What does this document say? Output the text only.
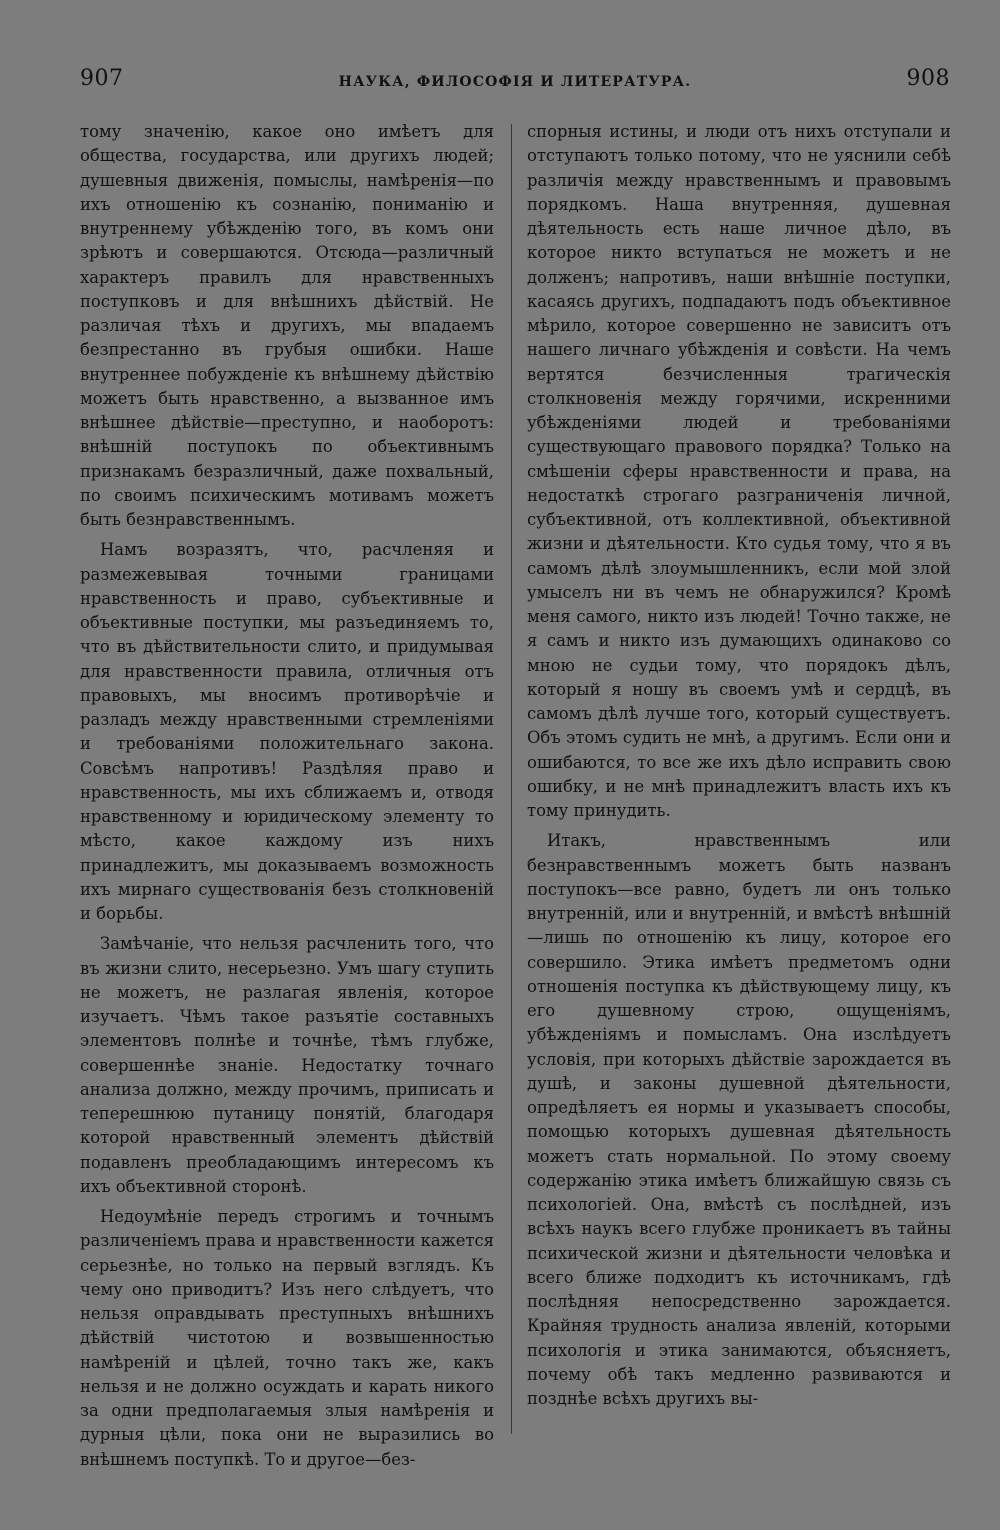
907	НАУКА, ФИЛОСОФІЯ И ЛИТЕРАТУРА.	908

тому значенію, какое оно имѣетъ для общества, государства, или другихъ людей; душевныя движенія, помыслы, намѣренія—по ихъ отношенію къ сознанію, пониманію и внутреннему убѣжденію того, въ комъ они зрѣютъ и совершаются. Отсюда—различный характеръ правилъ для нравственныхъ поступковъ и для внѣшнихъ дѣйствій. Не различая тѣхъ и другихъ, мы впадаемъ безпрестанно въ грубыя ошибки. Наше внутреннее побужденіе къ внѣшнему дѣйствію можетъ быть нравственно, а вызванное имъ внѣшнее дѣйствіе—преступно, и наоборотъ: внѣшній поступокъ по объективнымъ признакамъ безразличный, даже похвальный, по своимъ психическимъ мотивамъ можетъ быть безнравственнымъ.

Намъ возразятъ, что, расчленяя и размежевывая точными границами нравственность и право, субъективные и объективные поступки, мы разъединяемъ то, что въ дѣйствительности слито, и придумывая для нравственности правила, отличныя отъ правовыхъ, мы вносимъ противорѣчіе и разладъ между нравственными стремленіями и требованіями положительнаго закона. Совсѣмъ напротивъ! Раздѣляя право и нравственность, мы ихъ сближаемъ и, отводя нравственному и юридическому элементу то мѣсто, какое каждому изъ нихъ принадлежитъ, мы доказываемъ возможность ихъ мирнаго существованія безъ столкновеній и борьбы.

Замѣчаніе, что нельзя расчленить того, что въ жизни слито, несерьезно. Умъ шагу ступить не можетъ, не разлагая явленія, которое изучаетъ. Чѣмъ такое разъятіе составныхъ элементовъ полнѣе и точнѣе, тѣмъ глубже, совершеннѣе знаніе. Недостатку точнаго анализа должно, между прочимъ, приписать и теперешнюю путаницу понятій, благодаря которой нравственный элементъ дѣйствій подавленъ преобладающимъ интересомъ къ ихъ объективной сторонѣ.

Недоумѣніе передъ строгимъ и точнымъ различеніемъ права и нравственности кажется серьезнѣе, но только на первый взглядъ. Къ чему оно приводитъ? Изъ него слѣдуетъ, что нельзя оправдывать преступныхъ внѣшнихъ дѣйствій чистотою и возвышенностью намѣреній и цѣлей, точно такъ же, какъ нельзя и не должно осуждать и карать никого за одни предполагаемыя злыя намѣренія и дурныя цѣли, пока они не выразились во внѣшнемъ поступкѣ. То и другое—без-

спорныя истины, и люди отъ нихъ отступали и отступаютъ только потому, что не уяснили себѣ различія между нравственнымъ и правовымъ порядкомъ. Наша внутренняя, душевная дѣятельность есть наше личное дѣло, въ которое никто вступаться не можетъ и не долженъ; напротивъ, наши внѣшніе поступки, касаясь другихъ, подпадаютъ подъ объективное мѣрило, которое совершенно не зависитъ отъ нашего личнаго убѣжденія и совѣсти. На чемъ вертятся безчисленныя трагическія столкновенія между горячими, искренними убѣжденіями людей и требованіями существующаго правового порядка? Только на смѣшеніи сферы нравственности и права, на недостаткѣ строгаго разграниченія личной, субъективной, отъ коллективной, объективной жизни и дѣятельности. Кто судья тому, что я въ самомъ дѣлѣ злоумышленникъ, если мой злой умыселъ ни въ чемъ не обнаружился? Кромѣ меня самого, никто изъ людей! Точно также, не я самъ и никто изъ думающихъ одинаково со мною не судьи тому, что порядокъ дѣлъ, который я ношу въ своемъ умѣ и сердцѣ, въ самомъ дѣлѣ лучше того, который существуетъ. Объ этомъ судить не мнѣ, а другимъ. Если они и ошибаются, то все же ихъ дѣло исправить свою ошибку, и не мнѣ принадлежитъ власть ихъ къ тому принудить.

Итакъ, нравственнымъ или безнравственнымъ можетъ быть названъ поступокъ—все равно, будетъ ли онъ только внутренній, или и внутренній, и вмѣстѣ внѣшній—лишь по отношенію къ лицу, которое его совершило. Этика имѣетъ предметомъ одни отношенія поступка къ дѣйствующему лицу, къ его душевному строю, ощущеніямъ, убѣжденіямъ и помысламъ. Она изслѣдуетъ условія, при которыхъ дѣйствіе зарождается въ душѣ, и законы душевной дѣятельности, опредѣляетъ ея нормы и указываетъ способы, помощью которыхъ душевная дѣятельность можетъ стать нормальной. По этому своему содержанію этика имѣетъ ближайшую связь съ психологіей. Она, вмѣстѣ съ послѣдней, изъ всѣхъ наукъ всего глубже проникаетъ въ тайны психической жизни и дѣятельности человѣка и всего ближе подходитъ къ источникамъ, гдѣ послѣдняя непосредственно зарождается. Крайняя трудность анализа явленій, которыми психологія и этика занимаются, объясняетъ, почему обѣ такъ медленно развиваются и позднѣе всѣхъ другихъ вы-
